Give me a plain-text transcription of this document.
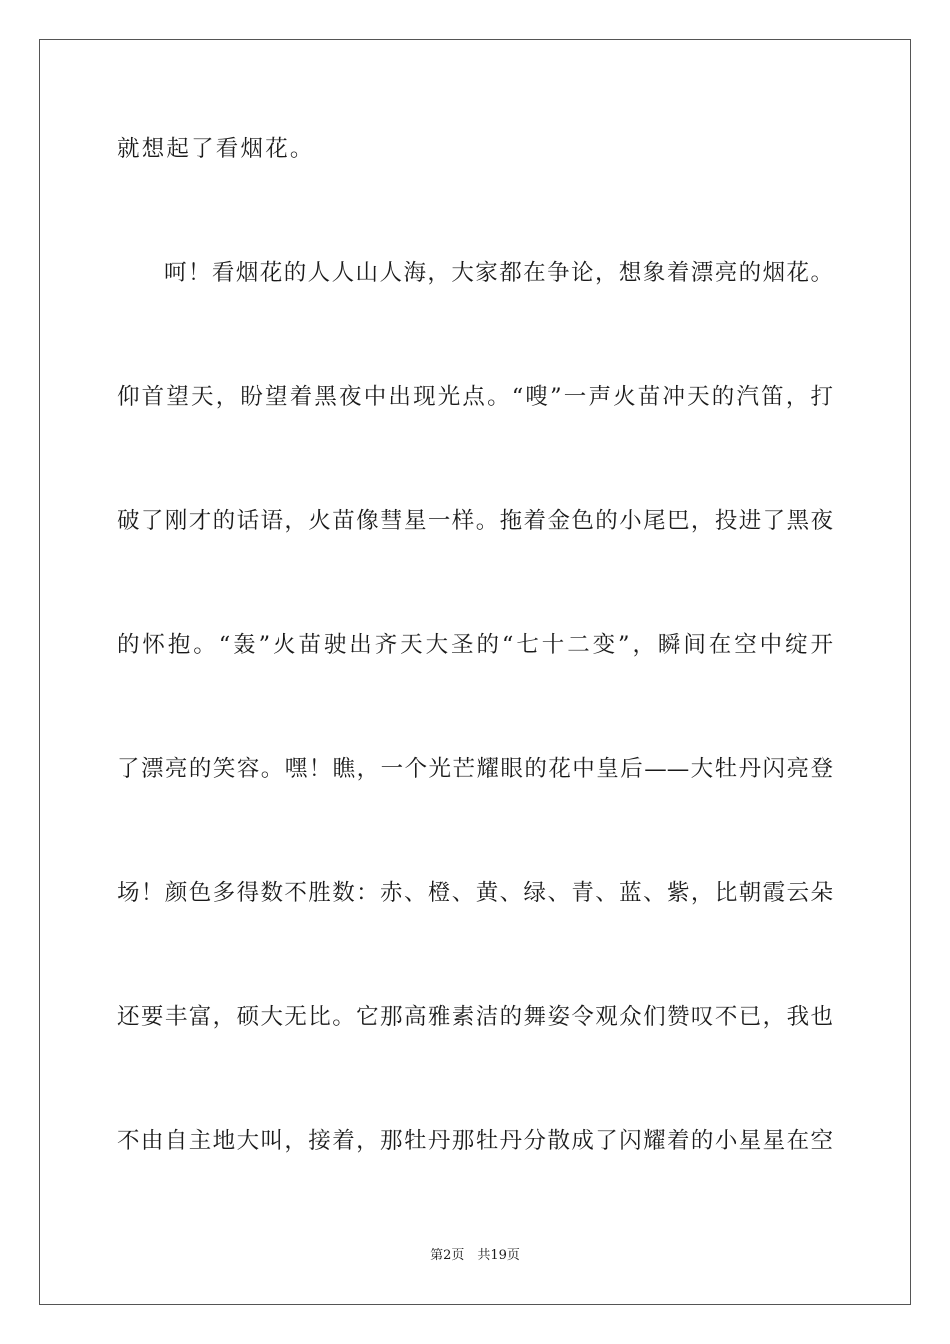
就想起了看烟花。
呵！看烟花的人人山人海，大家都在争论，想象着漂亮的烟花。
仰首望天，盼望着黑夜中出现光点。“嗖”一声火苗冲天的汽笛，打
破了刚才的话语，火苗像彗星一样。拖着金色的小尾巴，投进了黑夜
的怀抱。“轰”火苗驶出齐天大圣的“七十二变”，瞬间在空中绽开
了漂亮的笑容。嘿！瞧，一个光芒耀眼的花中皇后——大牡丹闪亮登
场！颜色多得数不胜数：赤、橙、黄、绿、青、蓝、紫，比朝霞云朵
还要丰富，硕大无比。它那高雅素洁的舞姿令观众们赞叹不已，我也
不由自主地大叫，接着，那牡丹那牡丹分散成了闪耀着的小星星在空
第2页　共19页
